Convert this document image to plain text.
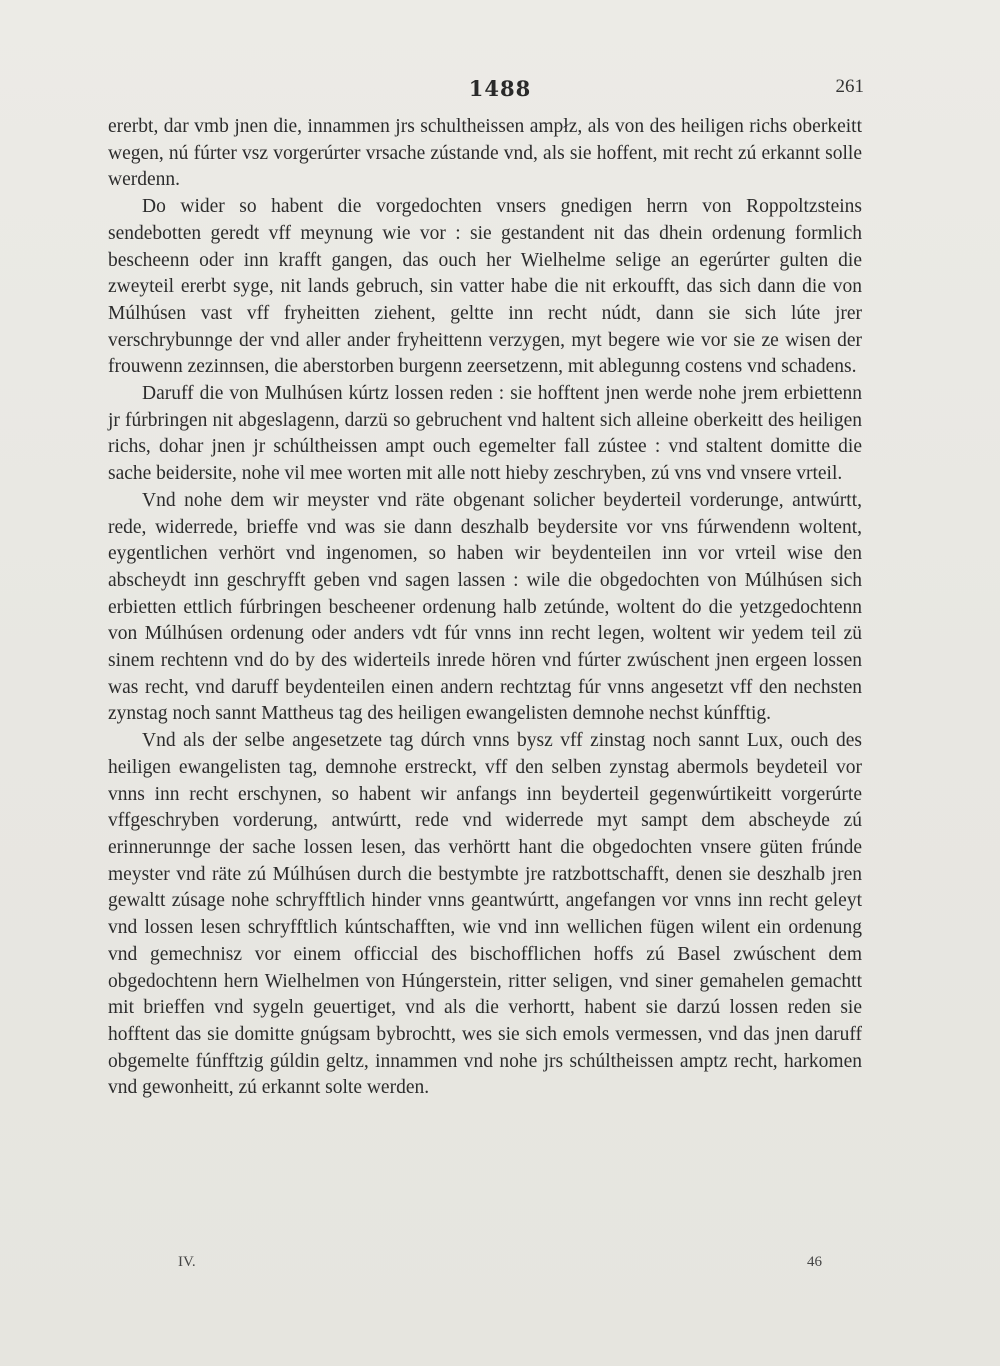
1488	261

ererbt, dar vmb jnen die, innammen jrs schultheissen ampłz, als von des heiligen richs oberkeitt wegen, nú fúrter vsz vorgerúrter vrsache zústande vnd, als sie hoffent, mit recht zú erkannt solle werdenn.

Do wider so habent die vorgedochten vnsers gnedigen herrn von Roppoltzsteins sendebotten geredt vff meynung wie vor : sie gestandent nit das dhein ordenung formlich bescheenn oder inn krafft gangen, das ouch her Wielhelme selige an egerúrter gulten die zweyteil ererbt syge, nit lands gebruch, sin vatter habe die nit erkoufft, das sich dann die von Múlhúsen vast vff fryheitten ziehent, geltte inn recht núdt, dann sie sich lúte jrer verschrybunnge der vnd aller ander fryheittenn verzygen, myt begere wie vor sie ze wisen der frouwenn zezinnsen, die aberstorben burgenn zeersetzenn, mit ablegunng costens vnd schadens.

Daruff die von Mulhúsen kúrtz lossen reden : sie hofftent jnen werde nohe jrem erbiettenn jr fúrbringen nit abgeslagenn, darzü so gebruchent vnd haltent sich alleine oberkeitt des heiligen richs, dohar jnen jr schúltheissen ampt ouch egemelter fall zústee : vnd staltent domitte die sache beidersite, nohe vil mee worten mit alle nott hieby zeschryben, zú vns vnd vnsere vrteil.

Vnd nohe dem wir meyster vnd räte obgenant solicher beyderteil vorderunge, antwúrtt, rede, widerrede, brieffe vnd was sie dann deszhalb beydersite vor vns fúrwendenn woltent, eygentlichen verhört vnd ingenomen, so haben wir beydenteilen inn vor vrteil wise den abscheydt inn geschryfft geben vnd sagen lassen : wile die obgedochten von Múlhúsen sich erbietten ettlich fúrbringen bescheener ordenung halb zetúnde, woltent do die yetzgedochtenn von Múlhúsen ordenung oder anders vdt fúr vnns inn recht legen, woltent wir yedem teil zü sinem rechtenn vnd do by des widerteils inrede hören vnd fúrter zwúschent jnen ergeen lossen was recht, vnd daruff beydenteilen einen andern rechtztag fúr vnns angesetzt vff den nechsten zynstag noch sannt Mattheus tag des heiligen ewangelisten demnohe nechst kúnfftig.

Vnd als der selbe angesetzete tag dúrch vnns bysz vff zinstag noch sannt Lux, ouch des heiligen ewangelisten tag, demnohe erstreckt, vff den selben zynstag abermols beydeteil vor vnns inn recht erschynen, so habent wir anfangs inn beyderteil gegenwúrtikeitt vorgerúrte vffgeschryben vorderung, antwúrtt, rede vnd widerrede myt sampt dem abscheyde zú erinnerunnge der sache lossen lesen, das verhörtt hant die obgedochten vnsere güten frúnde meyster vnd räte zú Múlhúsen durch die bestymbte jre ratzbottschafft, denen sie deszhalb jren gewaltt zúsage nohe schryfftlich hinder vnns geantwúrtt, angefangen vor vnns inn recht geleyt vnd lossen lesen schryfftlich kúntschafften, wie vnd inn wellichen fügen wilent ein ordenung vnd gemechnisz vor einem officcial des bischofflichen hoffs zú Basel zwúschent dem obgedochtenn hern Wielhelmen von Húngerstein, ritter seligen, vnd siner gemahelen gemachtt mit brieffen vnd sygeln geuertiget, vnd als die verhortt, habent sie darzú lossen reden sie hofftent das sie domitte gnúgsam bybrochtt, wes sie sich emols vermessen, vnd das jnen daruff obgemelte fúnfftzig gúldin geltz, innammen vnd nohe jrs schúltheissen amptz recht, harkomen vnd gewonheitt, zú erkannt solte werden.

IV.	46
